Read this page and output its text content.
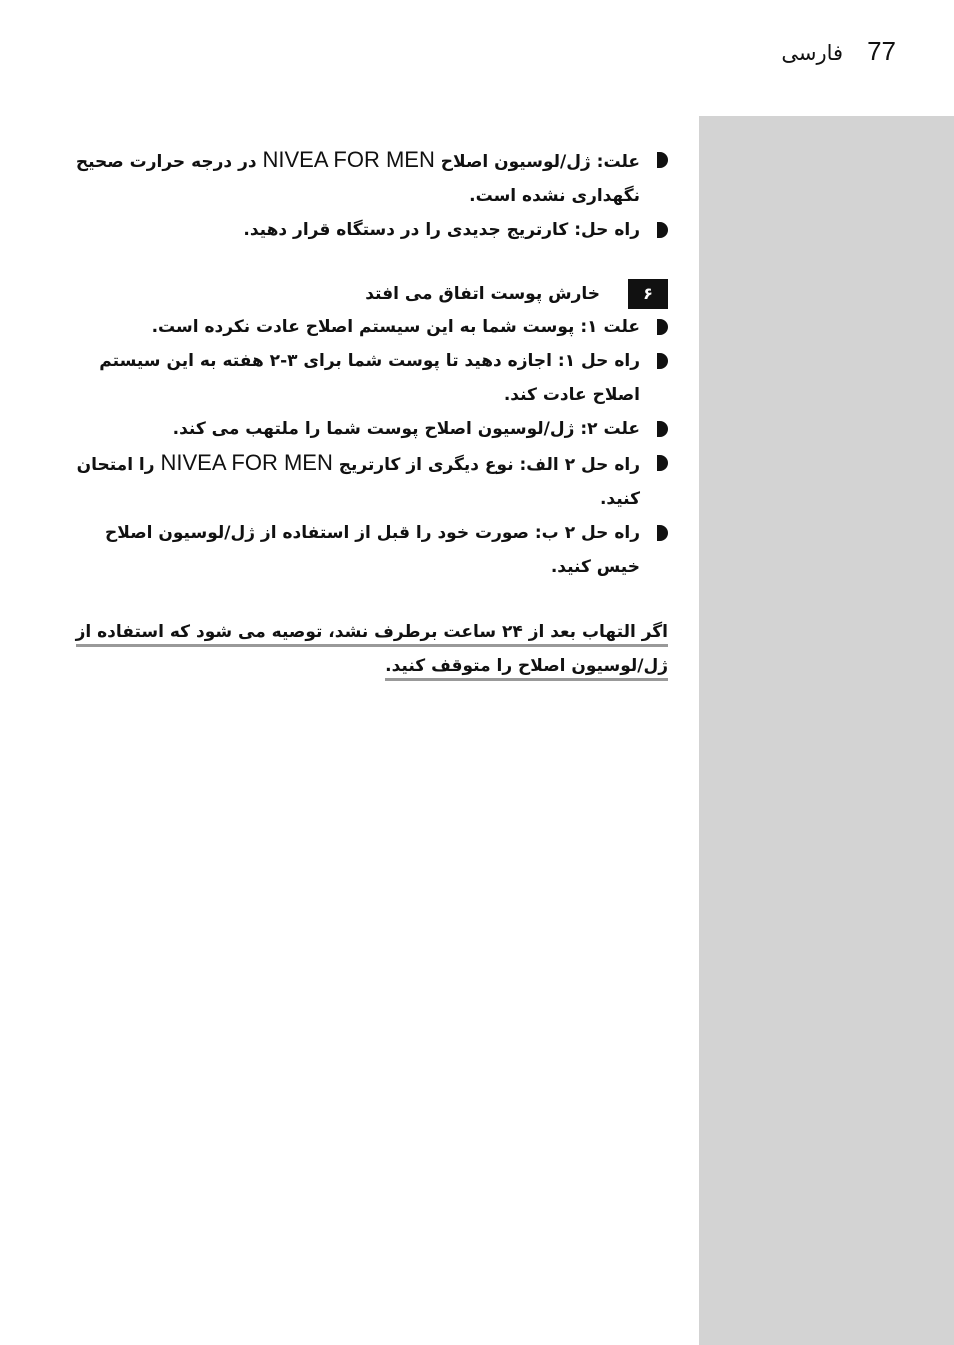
فارسی 77
علت: ژل/لوسیون اصلاح NIVEA FOR MEN در درجه حرارت صحیح نگهداری نشده است.
راه حل: کارتریج جدیدی را در دستگاه قرار دهید.
۶
خارش پوست اتفاق می افتد
علت ۱: پوست شما به این سیستم اصلاح عادت نکرده است.
راه حل ۱: اجازه دهید تا پوست شما برای ۳-۲ هفته به این سیستم اصلاح عادت کند.
علت ۲: ژل/لوسیون اصلاح پوست شما را ملتهب می کند.
راه حل ۲ الف: نوع دیگری از کارتریج NIVEA FOR MEN را امتحان کنید.
راه حل ۲ ب: صورت خود را قبل از استفاده از ژل/لوسیون اصلاح خیس کنید.
اگر التهاب بعد از ۲۴ ساعت برطرف نشد، توصیه می شود که استفاده از ژل/لوسیون اصلاح را متوقف کنید.
